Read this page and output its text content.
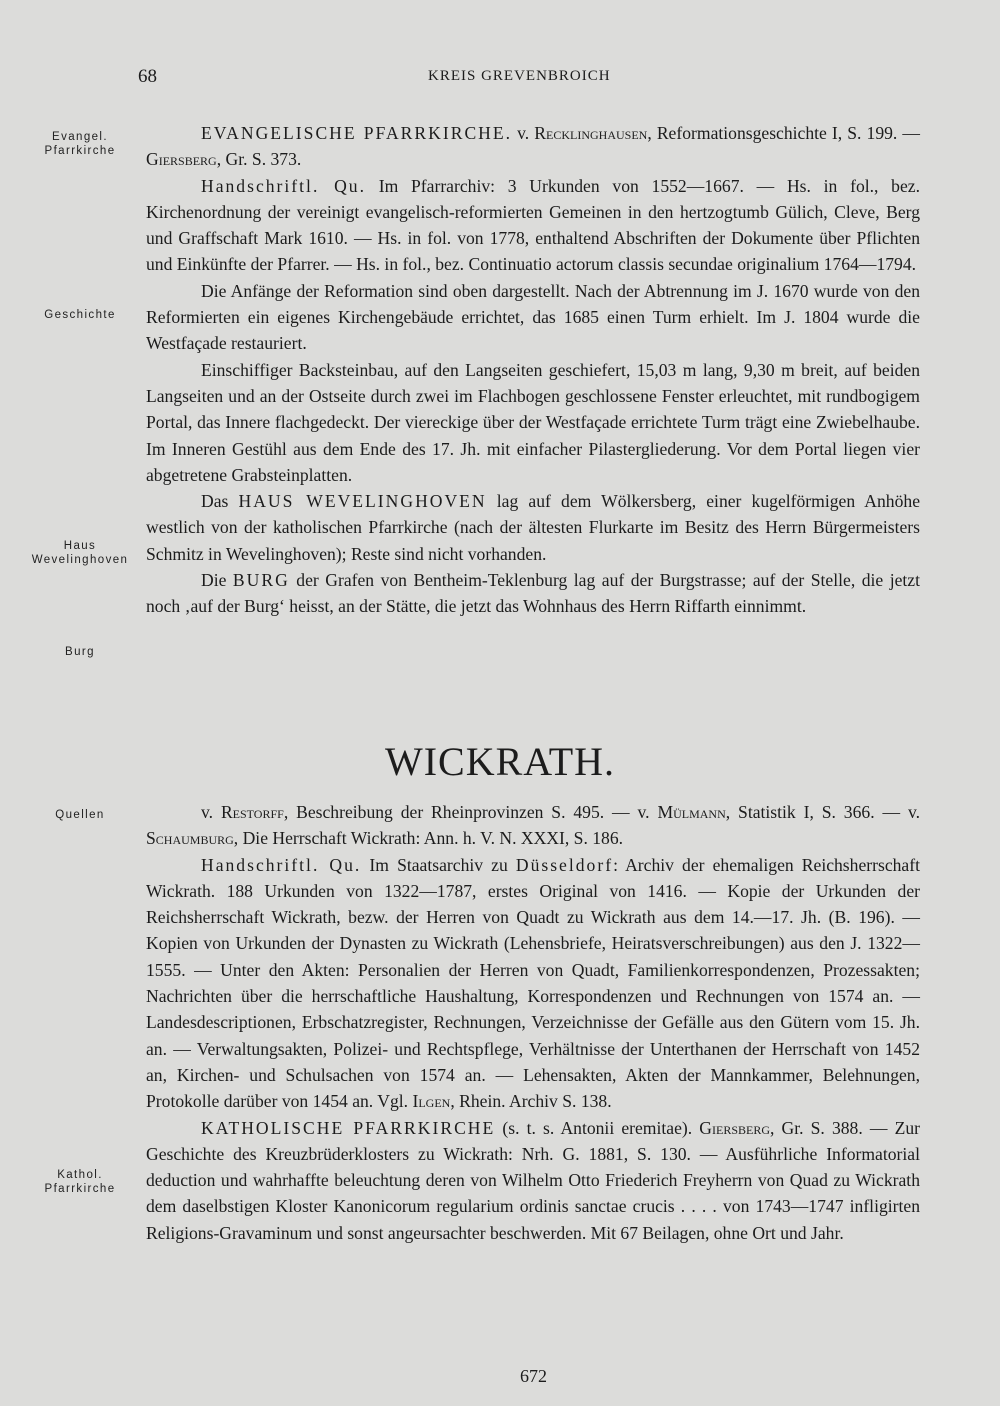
68	KREIS GREVENBROICH
Evangel.
Pfarrkirche
Geschichte
Haus
Wevelinghoven
Burg
Quellen
Kathol.
Pfarrkirche

EVANGELISCHE PFARRKIRCHE. v. Recklinghausen, Reformationsgeschichte I, S. 199. — Giersberg, Gr. S. 373.

Handschriftl. Qu. Im Pfarrarchiv: 3 Urkunden von 1552—1667. — Hs. in fol., bez. Kirchenordnung der vereinigt evangelisch-reformierten Gemeinen in den hertzogtumb Gülich, Cleve, Berg und Graffschaft Mark 1610. — Hs. in fol. von 1778, enthaltend Abschriften der Dokumente über Pflichten und Einkünfte der Pfarrer. — Hs. in fol., bez. Continuatio actorum classis secundae originalium 1764—1794.

Die Anfänge der Reformation sind oben dargestellt. Nach der Abtrennung im J. 1670 wurde von den Reformierten ein eigenes Kirchengebäude errichtet, das 1685 einen Turm erhielt. Im J. 1804 wurde die Westfaçade restauriert.

Einschiffiger Backsteinbau, auf den Langseiten geschiefert, 15,03 m lang, 9,30 m breit, auf beiden Langseiten und an der Ostseite durch zwei im Flachbogen geschlossene Fenster erleuchtet, mit rundbogigem Portal, das Innere flachgedeckt. Der viereckige über der Westfaçade errichtete Turm trägt eine Zwiebelhaube. Im Inneren Gestühl aus dem Ende des 17. Jh. mit einfacher Pilastergliederung. Vor dem Portal liegen vier abgetretene Grabsteinplatten.

Das HAUS WEVELINGHOVEN lag auf dem Wölkersberg, einer kugelförmigen Anhöhe westlich von der katholischen Pfarrkirche (nach der ältesten Flurkarte im Besitz des Herrn Bürgermeisters Schmitz in Wevelinghoven); Reste sind nicht vorhanden.

Die BURG der Grafen von Bentheim-Teklenburg lag auf der Burgstrasse; auf der Stelle, die jetzt noch ‚auf der Burg‘ heisst, an der Stätte, die jetzt das Wohnhaus des Herrn Riffarth einnimmt.

WICKRATH.

v. Restorff, Beschreibung der Rheinprovinzen S. 495. — v. Mülmann, Statistik I, S. 366. — v. Schaumburg, Die Herrschaft Wickrath: Ann. h. V. N. XXXI, S. 186.

Handschriftl. Qu. Im Staatsarchiv zu Düsseldorf: Archiv der ehemaligen Reichsherrschaft Wickrath. 188 Urkunden von 1322—1787, erstes Original von 1416. — Kopie der Urkunden der Reichsherrschaft Wickrath, bezw. der Herren von Quadt zu Wickrath aus dem 14.—17. Jh. (B. 196). — Kopien von Urkunden der Dynasten zu Wickrath (Lehensbriefe, Heiratsverschreibungen) aus den J. 1322—1555. — Unter den Akten: Personalien der Herren von Quadt, Familienkorrespondenzen, Prozessakten; Nachrichten über die herrschaftliche Haushaltung, Korrespondenzen und Rechnungen von 1574 an. — Landesdescriptionen, Erbschatzregister, Rechnungen, Verzeichnisse der Gefälle aus den Gütern vom 15. Jh. an. — Verwaltungsakten, Polizei- und Rechtspflege, Verhältnisse der Unterthanen der Herrschaft von 1452 an, Kirchen- und Schulsachen von 1574 an. — Lehensakten, Akten der Mannkammer, Belehnungen, Protokolle darüber von 1454 an. Vgl. Ilgen, Rhein. Archiv S. 138.

KATHOLISCHE PFARRKIRCHE (s. t. s. Antonii eremitae). Giersberg, Gr. S. 388. — Zur Geschichte des Kreuzbrüderklosters zu Wickrath: Nrh. G. 1881, S. 130. — Ausführliche Informatorial deduction und wahrhaffte beleuchtung deren von Wilhelm Otto Friederich Freyherrn von Quad zu Wickrath dem daselbstigen Kloster Kanonicorum regularium ordinis sanctae crucis . . . . von 1743—1747 infligirten Religions-Gravaminum und sonst angeursachter beschwerden. Mit 67 Beilagen, ohne Ort und Jahr.

672
